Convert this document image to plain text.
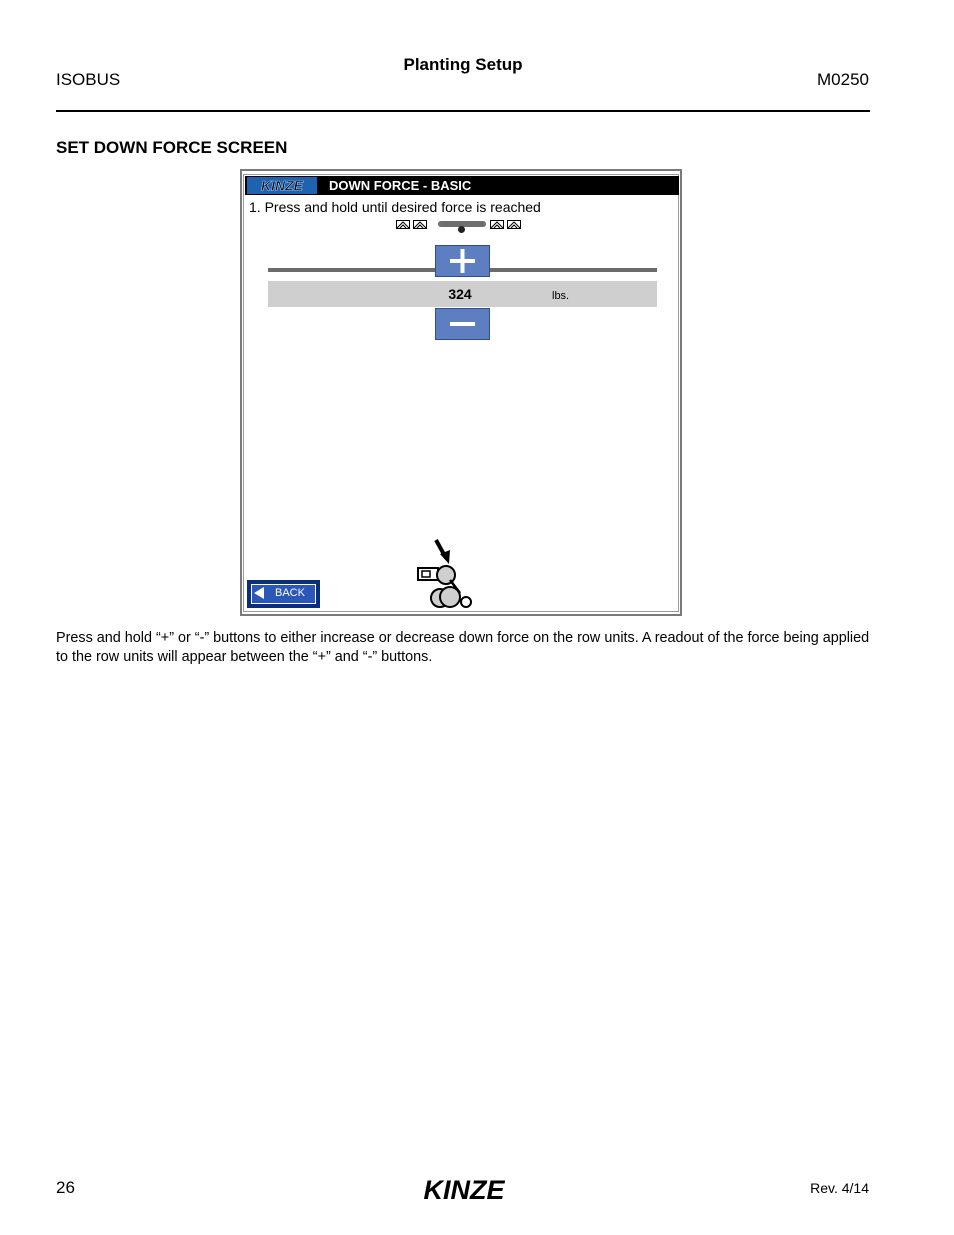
ISOBUS
Planting Setup
M0250
SET DOWN FORCE SCREEN
KINZE DOWN FORCE - BASIC
1. Press and hold until desired force is reached
324	lbs.
BACK
Press and hold “+” or “-” buttons to either increase or decrease down force on the row units. A readout of the force being applied to the row units will appear between the “+” and “-” buttons.
26	KINZE	Rev. 4/14
